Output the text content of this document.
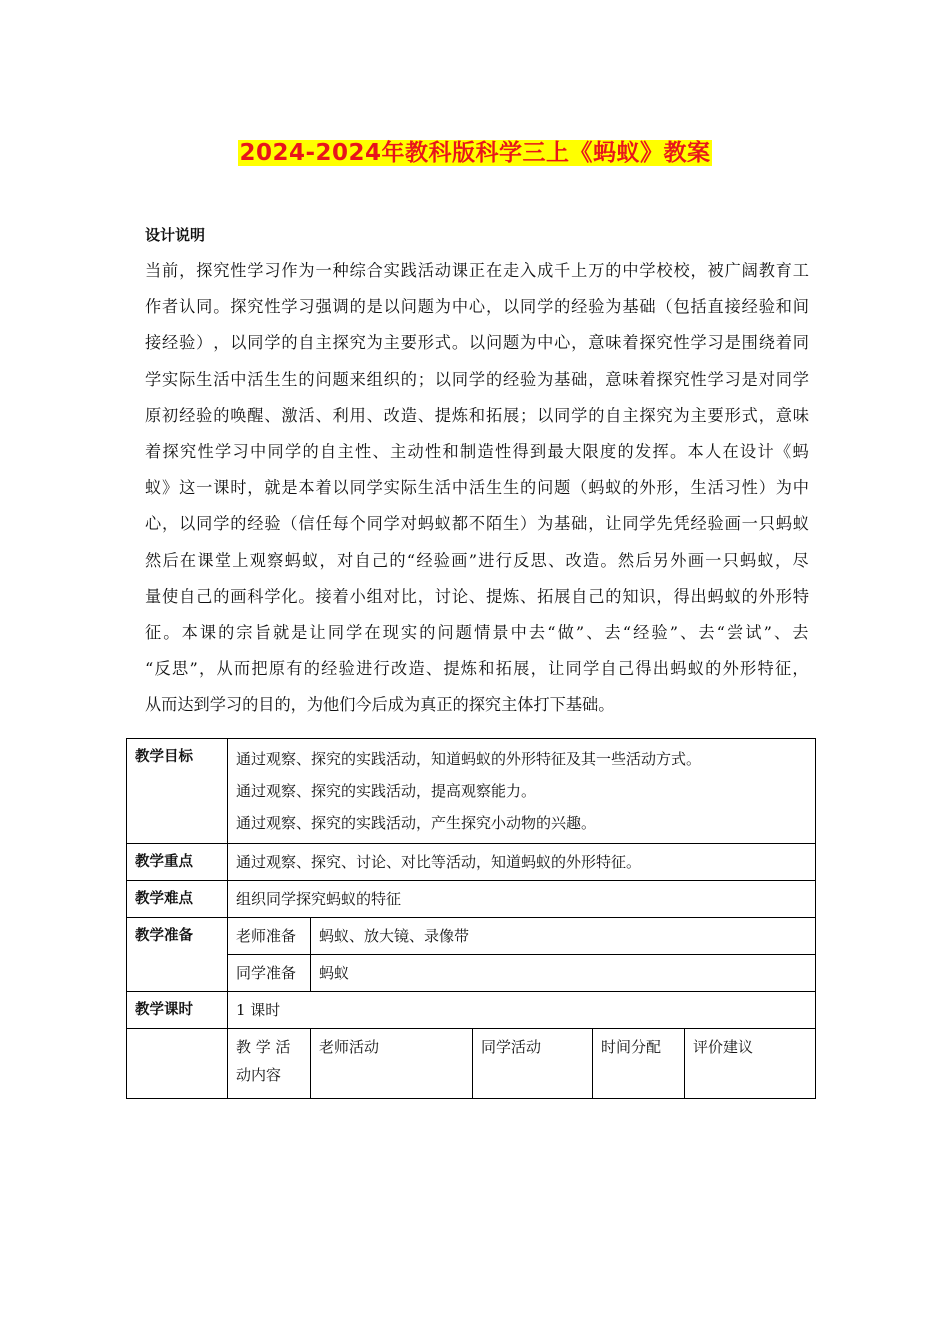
2024-2024年教科版科学三上《蚂蚁》教案
设计说明
当 前 ， 探 究 性 学 习 作 为 一 种 综 合 实 践 活 动 课 正 在 走 入 成 千 上 万 的 中 学 校 校 ， 被 广 阔 教 育 工
作 者 认 同 。 探 究 性 学 习 强 调 的 是 以 问 题 为 中 心 ， 以 同 学 的 经 验 为 基 础 （ 包 括 直 接 经 验 和 间
接 经 验 ） ， 以 同 学 的 自 主 探 究 为 主 要 形 式 。 以 问 题 为 中 心 ， 意 味 着 探 究 性 学 习 是 围 绕 着 同
学 实 际 生 活 中 活 生 生 的 问 题 来 组 织 的 ； 以 同 学 的 经 验 为 基 础 ， 意 味 着 探 究 性 学 习 是 对 同 学
原 初 经 验 的 唤 醒 、 激 活 、 利 用 、 改 造 、 提 炼 和 拓 展 ； 以 同 学 的 自 主 探 究 为 主 要 形 式 ， 意 味
着 探 究 性 学 习 中 同 学 的 自 主 性 、 主 动 性 和 制 造 性 得 到 最 大 限 度 的 发 挥 。 本 人 在 设 计 《 蚂
蚁 》 这 一 课 时 ， 就 是 本 着 以 同 学 实 际 生 活 中 活 生 生 的 问 题 （ 蚂 蚁 的 外 形 ， 生 活 习 性 ） 为 中
心 ， 以 同 学 的 经 验 （ 信 任 每 个 同 学 对 蚂 蚁 都 不 陌 生 ） 为 基 础 ， 让 同 学 先 凭 经 验 画 一 只 蚂 蚁
然 后 在 课 堂 上 观 察 蚂 蚁 ， 对 自 己 的 “ 经 验 画 ” 进 行 反 思 、 改 造 。 然 后 另 外 画 一 只 蚂 蚁 ， 尽
量 使 自 己 的 画 科 学 化 。 接 着 小 组 对 比 ， 讨 论 、 提 炼 、 拓 展 自 己 的 知 识 ， 得 出 蚂 蚁 的 外 形 特
征 。 本 课 的 宗 旨 就 是 让 同 学 在 现 实 的 问 题 情 景 中 去 “ 做 ” 、 去 “ 经 验 ” 、 去 “ 尝 试 ” 、 去
“ 反 思 ” ， 从 而 把 原 有 的 经 验 进 行 改 造 、 提 炼 和 拓 展 ， 让 同 学 自 己 得 出 蚂 蚁 的 外 形 特 征 ，
从而达到学习的目的，为他们今后成为真正的探究主体打下基础。
教学目标	通过观察、探究的实践活动，知道蚂蚁的外形特征及其一些活动方式。
通过观察、探究的实践活动，提高观察能力。
通过观察、探究的实践活动，产生探究小动物的兴趣。				

教学重点	通过观察、探究、讨论、对比等活动，知道蚂蚁的外形特征。				
教学难点	组织同学探究蚂蚁的特征				
教学准备	老师准备	蚂蚁、放大镜、录像带			
	同学准备	蚂蚁			
教学课时	1 课时				

	教 学 活
动内容	老师活动	同学活动	时间分配	评价建议
